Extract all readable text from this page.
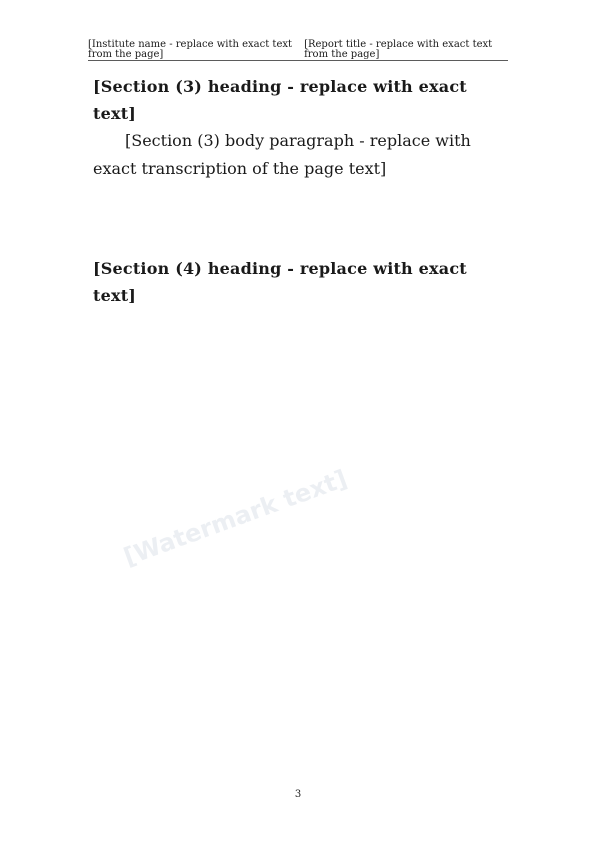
[Institute name - replace with exact text from the page]
[Report title - replace with exact text from the page]

[Section (3) heading - replace with exact text]

[Section (3) body paragraph - replace with exact transcription of the page text]

[Section (4) heading - replace with exact text]

[Watermark text]
3
